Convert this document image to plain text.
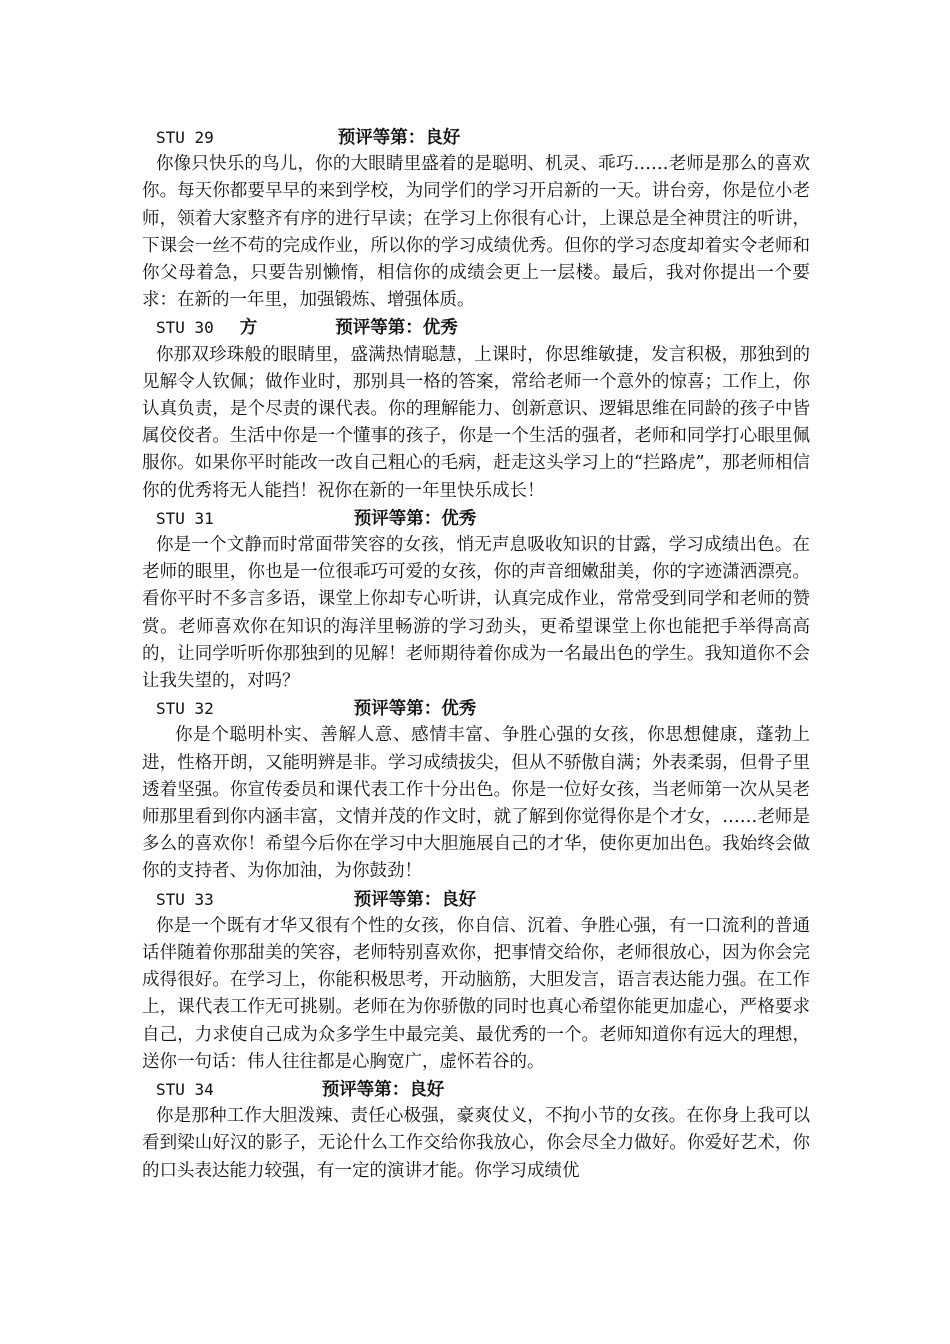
STU 29	预评等第：良好

你像只快乐的鸟儿，你的大眼睛里盛着的是聪明、机灵、乖巧……老师是那么的喜欢你。每天你都要早早的来到学校，为同学们的学习开启新的一天。讲台旁，你是位小老师，领着大家整齐有序的进行早读；在学习上你很有心计，上课总是全神贯注的听讲，下课会一丝不苟的完成作业，所以你的学习成绩优秀。但你的学习态度却着实令老师和你父母着急，只要告别懒惰，相信你的成绩会更上一层楼。最后，我对你提出一个要求：在新的一年里，加强锻炼、增强体质。

STU 30 方	预评等第：优秀

你那双珍珠般的眼睛里，盛满热情聪慧，上课时，你思维敏捷，发言积极，那独到的见解令人钦佩；做作业时，那别具一格的答案，常给老师一个意外的惊喜；工作上，你认真负责，是个尽责的课代表。你的理解能力、创新意识、逻辑思维在同龄的孩子中皆属佼佼者。生活中你是一个懂事的孩子，你是一个生活的强者，老师和同学打心眼里佩服你。如果你平时能改一改自己粗心的毛病，赶走这头学习上的“拦路虎”，那老师相信你的优秀将无人能挡！祝你在新的一年里快乐成长！

STU 31	预评等第：优秀

你是一个文静而时常面带笑容的女孩，悄无声息吸收知识的甘露，学习成绩出色。在老师的眼里，你也是一位很乖巧可爱的女孩，你的声音细嫩甜美，你的字迹潇洒漂亮。看你平时不多言多语，课堂上你却专心听讲，认真完成作业，常常受到同学和老师的赞赏。老师喜欢你在知识的海洋里畅游的学习劲头，更希望课堂上你也能把手举得高高的，让同学听听你那独到的见解！老师期待着你成为一名最出色的学生。我知道你不会让我失望的，对吗？

STU 32	预评等第：优秀

你是个聪明朴实、善解人意、感情丰富、争胜心强的女孩，你思想健康，蓬勃上进，性格开朗，又能明辨是非。学习成绩拔尖，但从不骄傲自满；外表柔弱，但骨子里透着坚强。你宣传委员和课代表工作十分出色。你是一位好女孩，当老师第一次从吴老师那里看到你内涵丰富，文情并茂的作文时，就了解到你觉得你是个才女，……老师是多么的喜欢你！希望今后你在学习中大胆施展自己的才华，使你更加出色。我始终会做你的支持者、为你加油，为你鼓劲！

STU 33	预评等第：良好

你是一个既有才华又很有个性的女孩，你自信、沉着、争胜心强，有一口流利的普通话伴随着你那甜美的笑容，老师特别喜欢你，把事情交给你，老师很放心，因为你会完成得很好。在学习上，你能积极思考，开动脑筋，大胆发言，语言表达能力强。在工作上，课代表工作无可挑剔。老师在为你骄傲的同时也真心希望你能更加虚心，严格要求自己，力求使自己成为众多学生中最完美、最优秀的一个。老师知道你有远大的理想，送你一句话：伟人往往都是心胸宽广，虚怀若谷的。

STU 34	预评等第：良好

你是那种工作大胆泼辣、责任心极强，豪爽仗义，不拘小节的女孩。在你身上我可以看到梁山好汉的影子，无论什么工作交给你我放心，你会尽全力做好。你爱好艺术，你的口头表达能力较强，有一定的演讲才能。你学习成绩优
